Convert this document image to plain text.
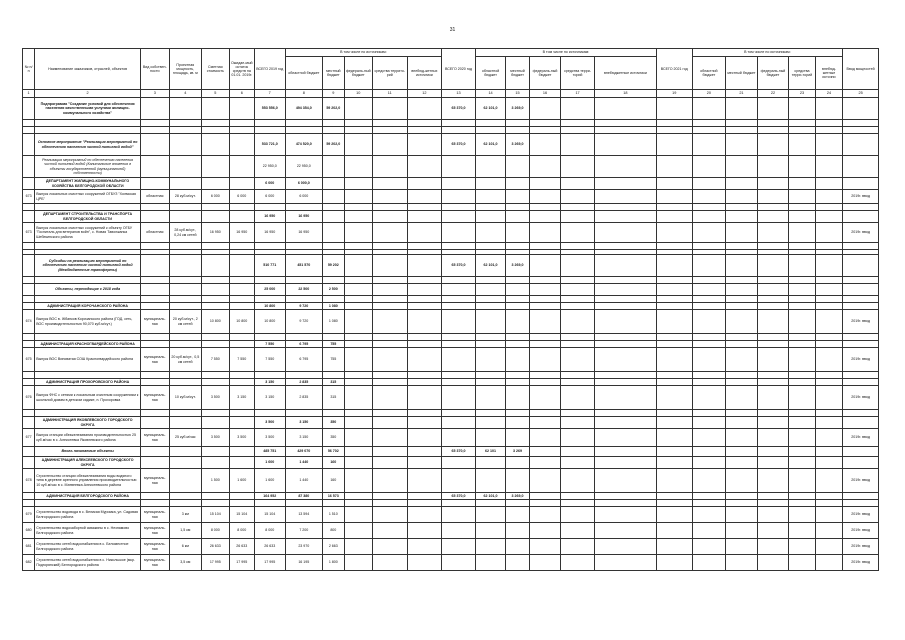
31
№ п/п	Наименование заказчиков, отраслей, объектов	Вид собствен-ности	Проектная мощность, площадь, кв. м	Сметная стоимость	Ожидае-мый остаток средств на 01.01. 2019г.	ВСЕГО 2019 год	В том числе по источникам:					ВСЕГО 2020 год	В том числе по источникам:					ВСЕГО 2021 год	В том числе по источникам:					Ввод мощностей
							областной бюджет	местный бюджет	федераль-ный бюджет	средства террито-рий	внебюд-жетных источники		областной бюджет	местный бюджет	федераль-ный бюджет	средства терри-торий	внебюджетные источники		областной бюджет	местный бюджет	федераль-ный бюджет	средства терри-торий	внебюд-жетные источни	
1	2	3	4	5	6	7	8	9	10	11	12	13	14	15	16	17	18	19	20	21	22	23	24	25
	Подпрограмма "Создание условий для обеспечения населения качественными услугами жилищно-коммунального хозяйства"					553 556,0	494 354,0	59 202,0				65 370,0	62 101,0	3 269,0										

	Основное мероприятие "Реализация мероприятий по обеспечению населения чистой питьевой водой"					533 721,0	474 520,0	59 202,0				65 370,0	62 101,0	3 269,0										
	Реализация мероприятий по обеспечению населения чистой питьевой водой (Капитальные вложения в объекты государственной (муниципальной) собственности)					22 950,0	22 950,0																	
	ДЕПАРТАМЕНТ ЖИЛИЩНО-КОММУНАЛЬНОГО ХОЗЯЙСТВА БЕЛГОРОДСКОЙ ОБЛАСТИ					6 000	6 000,0																	
673	Выпуск локальных очистных сооружений ОГБУЗ "Холмская ЦРБ"	областная	28 куб.м/сут.	6 000	6 000	6 000	6 000																	2019г. ввод

	ДЕПАРТАМЕНТ СТРОИТЕЛЬСТВА И ТРАНСПОРТА БЕЛГОРОДСКОЙ ОБЛАСТИ					16 950	16 950																	
673	Выпуск локальных очистных сооружений к объекту ОГБУ "Госпиталь для ветеранов войн", с. Новая Таволжанка Шебекинского района	областная	28 куб.м/сут., 0,24 км сетей	16 950	16 950	16 950	16 950																	2019г. ввод

	Субсидии на реализацию мероприятий по обеспечению населения чистой питьевой водой (Межбюджетные трансферты)					510 771	451 570	59 202				65 370,0	62 101,0	3 269,0										

	Объекты, переходящие с 2018 года					25 000	22 500	2 500																

	АДМИНИСТРАЦИЯ КОРОЧАНСКОГО РАЙОНА					10 800	9 720	1 080																
674	Выпуск ВОС в. Жбанков Корочанского района (ГОД. сеть, ВОС производительностью 90,070 куб.м/сут.)	муниципаль-ная	20 куб.м/сут., 2 км сетей	10 800	10 800	10 800	9 720	1 080																2019г. ввод

	АДМИНИСТРАЦИЯ КРАСНОГВАРДЕЙСКОГО РАЙОНА					7 550	6 795	755																
675	Выпуск ВОС Виноватая СОШ Красногвардейского района	муниципаль-ная	20 куб.м/сут., 0,5 км сетей	7 550	7 550	7 550	6 795	755																2019г. ввод

	АДМИНИСТРАЦИЯ ПРОХОРОВСКОГО РАЙОНА					3 150	2 835	315																
676	Выпуск ФНС с сетями к локальным очистным сооружениям к школьной домам в детском садике, п. Прохоровка	муниципаль-ная	10 куб.м/сут.	3 500	3 150	3 150	2 835	315																2019г. ввод

	АДМИНИСТРАЦИЯ ЯКОВЛЕВСКОГО ГОРОДСКОГО ОКРУГА					3 500	3 150	350																
677	Выпуск станции обезжелезивания производительностью 25 куб.м/час в с. Алексеевка Яковлевского района	муниципаль-ная	25 куб.м/час	3 500	3 500	3 500	3 150	350																2019г. ввод
	Вновь начинаемые объекты					485 751	429 070	56 702				65 370,0	62 101	3 269										
	АДМИНИСТРАЦИЯ АЛЕКСЕЕВСКОГО ГОРОДСКОГО ОКРУГА					1 600	1 440	160																
678	Строительство станции обезжелезивания воды водяного типа в деревне аренного управления производительностью 10 куб.м/час в с. Матвеевка Алексеевского района	муниципаль-ная		1 500	1 600	1 600	1 440	160																2019г. ввод
	АДМИНИСТРАЦИЯ БЕЛГОРОДСКОГО РАЙОНА					164 952	87 380	16 573				65 370,0	62 101,0	3 269,0										

679	Строительство водовода в с. Великая Муромка, ул. Садовая Белгородского района	муниципаль-ная	3 км	15 104	15 104	15 104	13 594	1 510																2019г. ввод
680	Строительство водозаборной скважины в с. Незнамово Белгородского района	муниципаль-ная	1,5 км	8 000	8 000	8 000	7 200	800																2019г. ввод
681	Строительство сетей водоснабжения в с. Беломестное Белгородского района	муниципаль-ная	6 км	26 633	26 633	26 633	23 970	2 663																2019г. ввод
682	Строительство сетей водоснабжения в с. Никольское (мкр. Подгорянский) Белгородского района	муниципаль-ная	3,5 км	17 995	17 995	17 995	16 195	1 800																2019г. ввод
